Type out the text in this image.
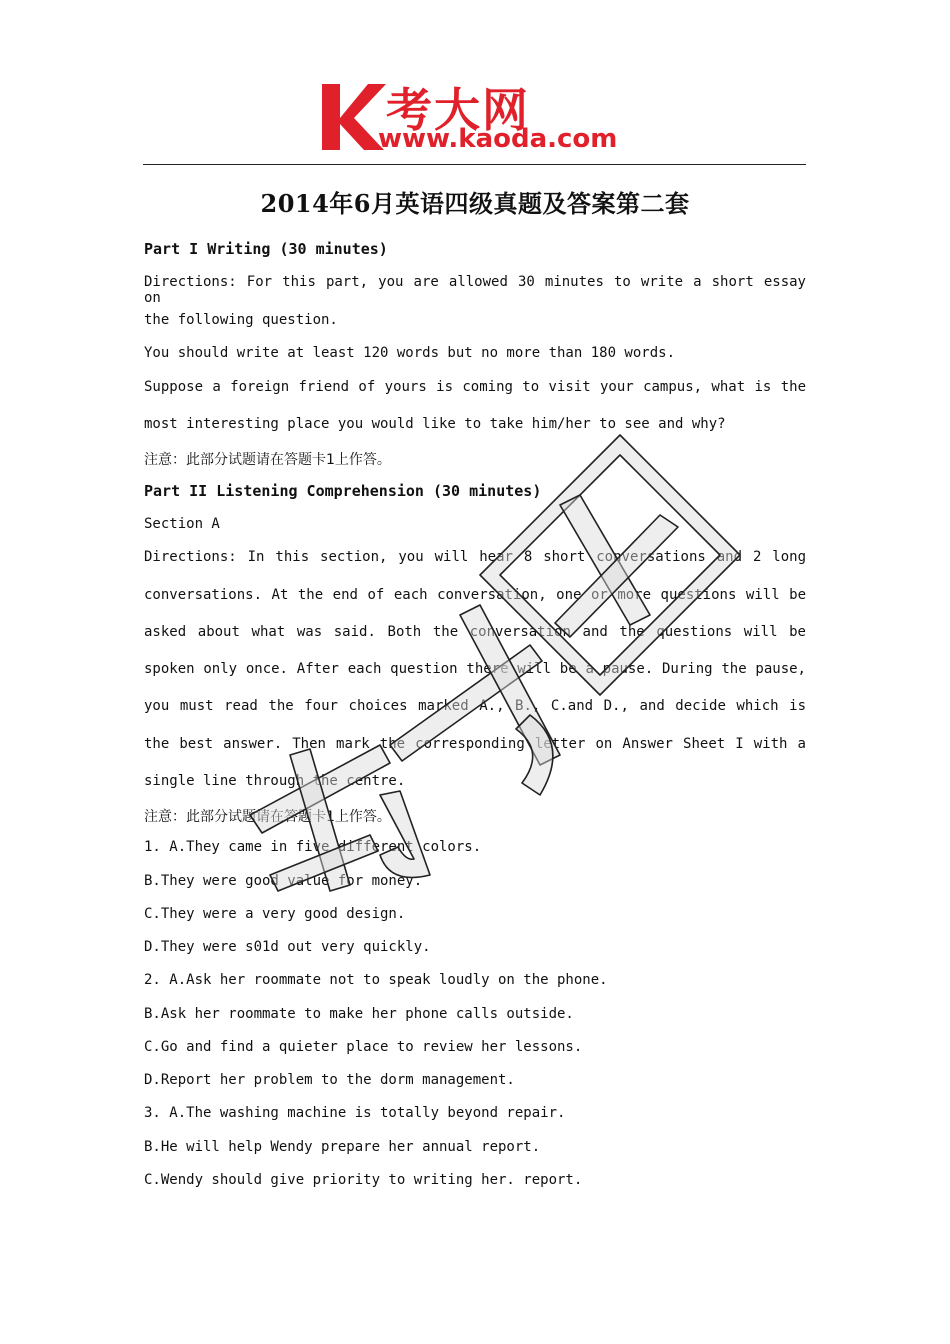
考大网
www.kaoda.com
2014年6月英语四级真题及答案第二套
Part I Writing (30 minutes)
Directions: For this part, you are allowed 30 minutes to write a short essay on
the following question.
You should write at least 120 words but no more than 180 words.
Suppose a foreign friend of yours is coming to visit your campus, what is the
most interesting place you would like to take him/her to see and why?
注意：此部分试题请在答题卡1上作答。
Part II Listening Comprehension (30 minutes)
Section A
Directions: In this section, you will hear 8 short conversations and 2 long
conversations. At the end of each conversation, one or more questions will be
asked about what was said. Both the conversation and the questions will be
spoken only once. After each question there will be a pause. During the pause,
you must read the four choices marked A., B., C.and D., and decide which is
the best answer. Then mark the corresponding letter on Answer Sheet I with a
single line through the centre.
注意：此部分试题请在答题卡1上作答。
1. A.They came in five different colors.
B.They were good value for money.
C.They were a very good design.
D.They were s01d out very quickly.
2. A.Ask her roommate not to speak loudly on the phone.
B.Ask her roommate to make her phone calls outside.
C.Go and find a quieter place to review her lessons.
D.Report her problem to the dorm management.
3. A.The washing machine is totally beyond repair.
B.He will help Wendy prepare her annual report.
C.Wendy should give priority to writing her. report.
